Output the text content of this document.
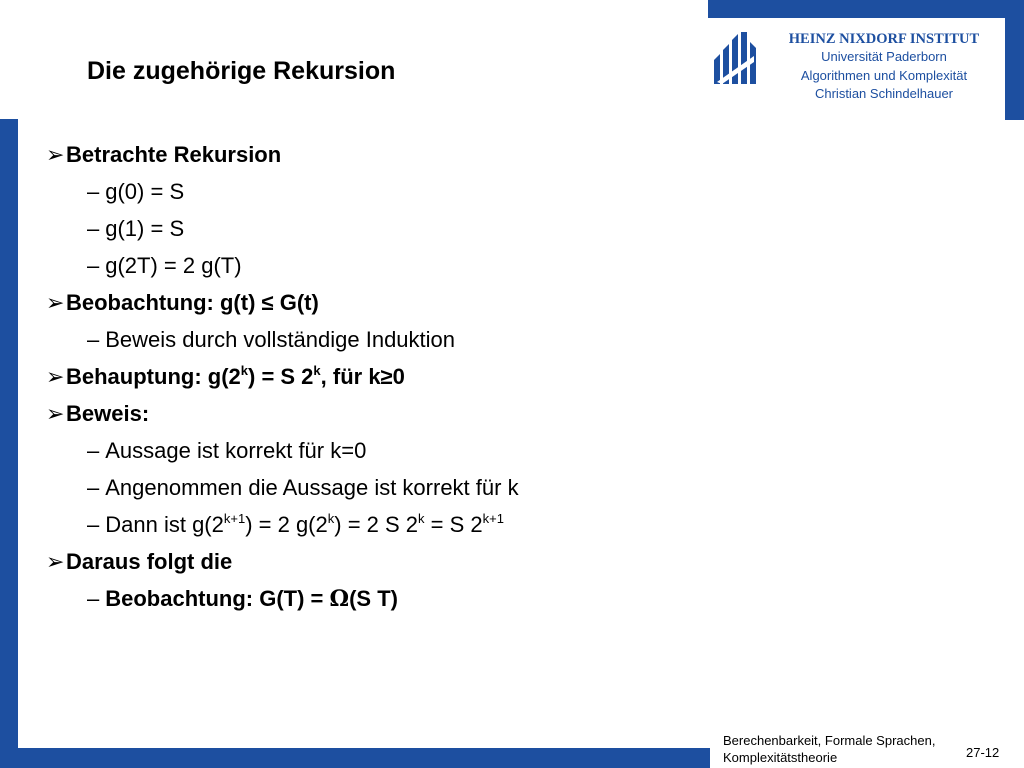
Die zugehörige Rekursion
HEINZ NIXDORF INSTITUT
Universität Paderborn
Algorithmen und Komplexität
Christian Schindelhauer
➢Betrachte Rekursion
– g(0) = S
– g(1) = S
– g(2T) = 2 g(T)
➢Beobachtung: g(t) ≤ G(t)
– Beweis durch vollständige Induktion
➢Behauptung: $g(2^k) = S$ 2$^k$, für k≥0
➢Beweis:
– Aussage ist korrekt für k=0
– Angenommen die Aussage ist korrekt für k
– Dann ist $g(2^{k+1}) = 2$ $g(2^k) = 2$ S $2^k = S$ $2^{k+1}$
➢Daraus folgt die
– Beobachtung: G(T) = Ω(S T)
Berechenbarkeit, Formale Sprachen,
Komplexitätstheorie	27-12
